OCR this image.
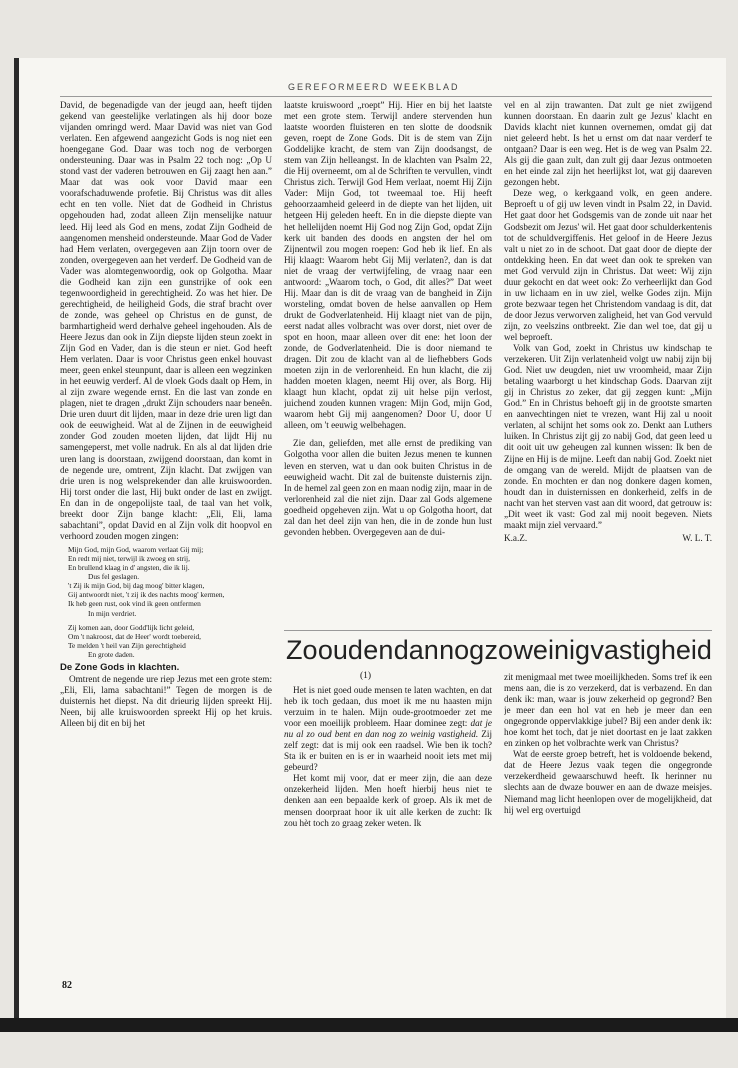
GEREFORMEERD WEEKBLAD

David, de begenadigde van der jeugd aan, heeft tijden gekend van geestelijke verlatingen als hij door boze vijanden omringd werd. Maar David was niet van God verlaten. Een afgewend aangezicht Gods is nog niet een hoengegane God. Daar was toch nog de verborgen ondersteuning. Daar was in Psalm 22 toch nog: „Op U stond vast der vaderen betrouwen en Gij zaagt hen aan.” Maar dat was ook voor David maar een voorafschaduwende profetie. Bij Christus was dit alles echt en ten volle. Niet dat de Godheid in Christus opgehouden had, zodat alleen Zijn menselijke natuur leed. Hij leed als God en mens, zodat Zijn Godheid de aangenomen mensheid ondersteunde. Maar God de Vader had Hem verlaten, overgegeven aan Zijn toorn over de zonden, overgegeven aan het verderf. De Godheid van de Vader was alomtegenwoordig, ook op Golgotha. Maar die Godheid kan zijn een gunstrijke of ook een tegenwoordigheid in gerechtigheid. Zo was het hier. De gerechtigheid, de heiligheid Gods, die straf bracht over de zonde, was geheel op Christus en de gunst, de barmhartigheid werd derhalve geheel ingehouden. Als de Heere Jezus dan ook in Zijn diepste lijden steun zoekt in Zijn God en Vader, dan is die steun er niet. God heeft Hem verlaten. Daar is voor Christus geen enkel houvast meer, geen enkel steunpunt, daar is alleen een wegzinken in het eeuwig verderf. Al de vloek Gods daalt op Hem, in al zijn zware wegende ernst. En die last van zonde en plagen, niet te dragen „drukt Zijn schouders naar beneên. Drie uren duurt dit lijden, maar in deze drie uren ligt dan ook de eeuwigheid. Wat al de Zijnen in de eeuwigheid zonder God zouden moeten lijden, dat lijdt Hij nu samengeperst, met volle nadruk. En als al dat lijden drie uren lang is doorstaan, zwijgend doorstaan, dan komt in de negende ure, omtrent, Zijn klacht. Dat zwijgen van drie uren is nog welsprekender dan alle kruiswoorden. Hij torst onder die last, Hij bukt onder de last en zwijgt. En dan in de ongepolijste taal, de taal van het volk, breekt door Zijn bange klacht: „Eli, Eli, lama sabachtani”, opdat David en al Zijn volk dit hoopvol en verhoord zouden mogen zingen:

Mijn God, mijn God, waarom verlaat Gij mij;
En redt mij niet, terwijl ik zwoeg en strij,
En brullend klaag in d' angsten, die ik lij.
Dus fel geslagen.
't Zij ik mijn God, bij dag moog' bitter klagen,
Gij antwoordt niet, 't zij ik des nachts moog' kermen,
Ik heb geen rust, ook vind ik geen ontfermen
In mijn verdriet.
Zij komen aan, door Godd'lijk licht geleid,
Om 't nakroost, dat de Heer' wordt toebereid,
Te melden 't heil van Zijn gerechtigheid
En grote daden.
De Zone Gods in klachten.

Omtrent de negende ure riep Jezus met een grote stem: „Eli, Eli, lama sabachtani!” Tegen de morgen is de duisternis het diepst. Na dit drieurig lijden spreekt Hij. Neen, bij alle kruiswoorden spreekt Hij op het kruis. Alleen bij dit en bij het

laatste kruiswoord „roept” Hij. Hier en bij het laatste met een grote stem. Terwijl andere stervenden hun laatste woorden fluisteren en ten slotte de doodsnik geven, roept de Zone Gods. Dit is de stem van Zijn Goddelijke kracht, de stem van Zijn doodsangst, de stem van Zijn helleangst. In de klachten van Psalm 22, die Hij overneemt, om al de Schriften te vervullen, vindt Christus zich. Terwijl God Hem verlaat, noemt Hij Zijn Vader: Mijn God, tot tweemaal toe. Hij heeft gehoorzaamheid geleerd in de diepte van het lijden, uit hetgeen Hij geleden heeft. En in die diepste diepte van het hellelijden noemt Hij God nog Zijn God, opdat Zijn kerk uit banden des doods en angsten der hel om Zijnentwil zou mogen roepen: God heb ik lief. En als Hij klaagt: Waarom hebt Gij Mij verlaten?, dan is dat niet de vraag der vertwijfeling, de vraag naar een antwoord: „Waarom toch, o God, dit alles?” Dat weet Hij. Maar dan is dit de vraag van de bangheid in Zijn worsteling, omdat boven de helse aanvallen op Hem drukt de Godverlatenheid. Hij klaagt niet van de pijn, eerst nadat alles volbracht was over dorst, niet over de spot en hoon, maar alleen over dit ene: het loon der zonde, de Godverlatenheid. Die is door niemand te dragen. Dit zou de klacht van al de liefhebbers Gods moeten zijn in de verlorenheid. En hun klacht, die zij hadden moeten klagen, neemt Hij over, als Borg. Hij klaagt hun klacht, opdat zij uit helse pijn verlost, juichend zouden kunnen vragen: Mijn God, mijn God, waarom hebt Gij mij aangenomen? Door U, door U alleen, om 't eeuwig welbehagen.

Zie dan, geliefden, met alle ernst de prediking van Golgotha voor allen die buiten Jezus menen te kunnen leven en sterven, wat u dan ook buiten Christus in de eeuwigheid wacht. Dit zal de buitenste duisternis zijn. In de hemel zal geen zon en maan nodig zijn, maar in de verlorenheid zal die niet zijn. Daar zal Gods algemene goedheid opgeheven zijn. Wat u op Golgotha hoort, dat zal dan het deel zijn van hen, die in de zonde hun lust gevonden hebben. Overgegeven aan de dui-

vel en al zijn trawanten. Dat zult ge niet zwijgend kunnen doorstaan. En daarin zult ge Jezus' klacht en Davids klacht niet kunnen overnemen, omdat gij dat niet geleerd hebt. Is het u ernst om dat naar verderf te ontgaan? Daar is een weg. Het is de weg van Psalm 22. Als gij die gaan zult, dan zult gij daar Jezus ontmoeten en het einde zal zijn het heerlijkst lot, wat gij daareven gezongen hebt.

Deze weg, o kerkgaand volk, en geen andere. Beproeft u of gij uw leven vindt in Psalm 22, in David. Het gaat door het Godsgemis van de zonde uit naar het Godsbezit om Jezus' wil. Het gaat door schulderkentenis tot de schuldvergiffenis. Het geloof in de Heere Jezus valt u niet zo in de schoot. Dat gaat door de diepte der ontdekking heen. En dat weet dan ook te spreken van met God vervuld zijn in Christus. Dat weet: Wij zijn duur gekocht en dat weet ook: Zo verheerlijkt dan God in uw lichaam en in uw ziel, welke Godes zijn. Mijn grote bezwaar tegen het Christendom vandaag is dit, dat de door Jezus verworven zaligheid, het van God vervuld zijn, zo veelszins ontbreekt. Zie dan wel toe, dat gij u wel beproeft.

Volk van God, zoekt in Christus uw kindschap te verzekeren. Uit Zijn verlatenheid volgt uw nabij zijn bij God. Niet uw deugden, niet uw vroomheid, maar Zijn betaling waarborgt u het kindschap Gods. Daarvan zijt gij in Christus zo zeker, dat gij zeggen kunt: „Mijn God.” En in Christus behoeft gij in de grootste smarten en aanvechtingen niet te vrezen, want Hij zal u nooit verlaten, al schijnt het soms ook zo. Denkt aan Luthers luiken. In Christus zijt gij zo nabij God, dat geen leed u dit ooit uit uw geheugen zal kunnen wissen: Ik ben de Zijne en Hij is de mijne. Leeft dan nabij God. Zoekt niet de omgang van de wereld. Mijdt de plaatsen van de zonde. En mochten er dan nog donkere dagen komen, houdt dan in duisternissen en donkerheid, zelfs in de nacht van het sterven vast aan dit woord, dat getrouw is: „Dit weet ik vast: God zal mij nooit begeven. Niets maakt mijn ziel vervaard.”

K.a.Z.	W. L. T.
Zo oud en dan nog zo weinig vastigheid
(1)

Het is niet goed oude mensen te laten wachten, en dat heb ik toch gedaan, dus moet ik me nu haasten mijn verzuim in te halen. Mijn oude-grootmoeder zet me voor een moeilijk probleem. Haar dominee zegt: dat je nu al zo oud bent en dan nog zo weinig vastigheid. Zij zelf zegt: dat is mij ook een raadsel. Wie ben ik toch? Sta ik er buiten en is er in waarheid nooit iets met mij gebeurd?

Het komt mij voor, dat er meer zijn, die aan deze onzekerheid lijden. Men hoeft hierbij heus niet te denken aan een bepaalde kerk of groep. Als ik met de mensen doorpraat hoor ik uit alle kerken de zucht: Ik zou hèt toch zo graag zeker weten. Ik

zit menigmaal met twee moeilijkheden. Soms tref ik een mens aan, die is zo verzekerd, dat is verbazend. En dan denk ik: man, waar is jouw zekerheid op gegrond? Ben je meer dan een hol vat en heb je meer dan een ongegronde oppervlakkige jubel? Bij een ander denk ik: hoe komt het toch, dat je niet doortast en je laat zakken en zinken op het volbrachte werk van Christus?

Wat de eerste groep betreft, het is voldoende bekend, dat de Heere Jezus vaak tegen die ongegronde verzekerdheid gewaarschuwd heeft. Ik herinner nu slechts aan de dwaze bouwer en aan de dwaze meisjes. Niemand mag licht heenlopen over de mogelijkheid, dat hij wel erg overtuigd

82
